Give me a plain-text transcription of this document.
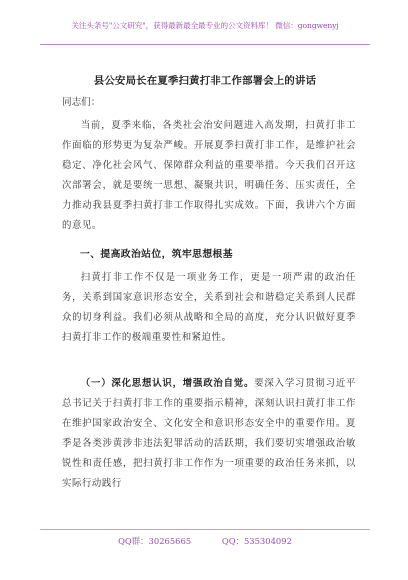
关注头条号"公文研究"，获得最新最全最专业的公文资料库！ 微信：gongwenyj
县公安局长在夏季扫黄打非工作部署会上的讲话
同志们：

当前，夏季来临，各类社会治安问题进入高发期，扫黄打非工作面临的形势更为复杂严峻。开展夏季扫黄打非工作，是维护社会稳定、净化社会风气、保障群众利益的重要举措。今天我们召开这次部署会，就是要统一思想、凝聚共识，明确任务、压实责任，全力推动我县夏季扫黄打非工作取得扎实成效。下面，我讲六个方面的意见。

一、提高政治站位，筑牢思想根基

扫黄打非工作不仅是一项业务工作，更是一项严肃的政治任务，关系到国家意识形态安全，关系到社会和谐稳定关系到人民群众的切身利益。我们必须从战略和全局的高度，充分认识做好夏季扫黄打非工作的极端重要性和紧迫性。

（一）深化思想认识，增强政治自觉。要深入学习贯彻习近平总书记关于扫黄打非工作的重要指示精神，深刻认识扫黄打非工作在维护国家政治安全、文化安全和意识形态安全中的重要作用。夏季是各类涉黄涉非违法犯罪活动的活跃期，我们要切实增强政治敏锐性和责任感，把扫黄打非工作作为一项重要的政治任务来抓，以实际行动践行

QQ群：30265665	QQ：535304092
